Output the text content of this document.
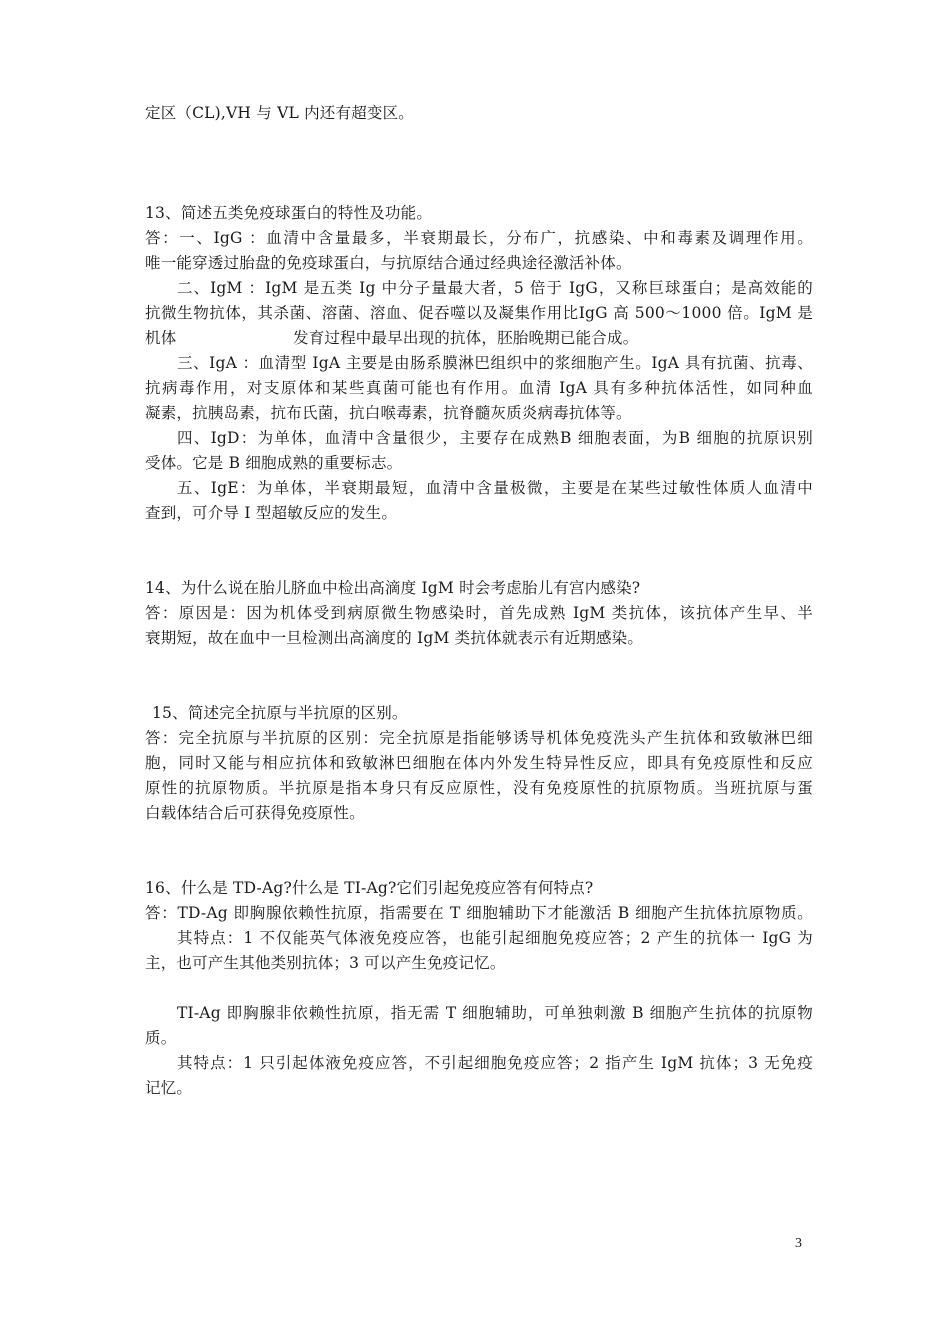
定区（CL),VH 与 VL 内还有超变区。
13、简述五类免疫球蛋白的特性及功能。
答：一、IgG ：血清中含量最多，半衰期最长，分布广，抗感染、中和毒素及调理作用。
唯一能穿透过胎盘的免疫球蛋白，与抗原结合通过经典途径激活补体。
二、IgM ：IgM 是五类 Ig 中分子量最大者，5 倍于 IgG，又称巨球蛋白；是高效能的
抗微生物抗体，其杀菌、溶菌、溶血、促吞噬以及凝集作用比IgG 高 500～1000 倍。IgM 是
机体	发育过程中最早出现的抗体，胚胎晚期已能合成。
三、IgA ：血清型 IgA 主要是由肠系膜淋巴组织中的浆细胞产生。IgA 具有抗菌、抗毒、
抗病毒作用，对支原体和某些真菌可能也有作用。血清 IgA 具有多种抗体活性，如同种血
凝素，抗胰岛素，抗布氏菌，抗白喉毒素，抗脊髓灰质炎病毒抗体等。
四、IgD：为单体，血清中含量很少，主要存在成熟B 细胞表面，为B 细胞的抗原识别
受体。它是 B 细胞成熟的重要标志。
五、IgE：为单体，半衰期最短，血清中含量极微，主要是在某些过敏性体质人血清中
查到，可介导 I 型超敏反应的发生。
14、为什么说在胎儿脐血中检出高滴度 IgM 时会考虑胎儿有宫内感染?
答：原因是：因为机体受到病原微生物感染时，首先成熟 IgM 类抗体，该抗体产生早、半
衰期短，故在血中一旦检测出高滴度的 IgM 类抗体就表示有近期感染。
15、简述完全抗原与半抗原的区别。
答：完全抗原与半抗原的区别：完全抗原是指能够诱导机体免疫洗头产生抗体和致敏淋巴细
胞，同时又能与相应抗体和致敏淋巴细胞在体内外发生特异性反应，即具有免疫原性和反应
原性的抗原物质。半抗原是指本身只有反应原性，没有免疫原性的抗原物质。当班抗原与蛋
白载体结合后可获得免疫原性。
16、什么是 TD-Ag?什么是 TI-Ag?它们引起免疫应答有何特点?
答：TD-Ag 即胸腺依赖性抗原，指需要在 T 细胞辅助下才能激活 B 细胞产生抗体抗原物质。
其特点：1 不仅能英气体液免疫应答，也能引起细胞免疫应答；2 产生的抗体一 IgG 为
主，也可产生其他类别抗体；3 可以产生免疫记忆。
TI-Ag 即胸腺非依赖性抗原，指无需 T 细胞辅助，可单独刺激 B 细胞产生抗体的抗原物
质。
其特点：1 只引起体液免疫应答，不引起细胞免疫应答；2 指产生 IgM 抗体；3 无免疫
记忆。
3
